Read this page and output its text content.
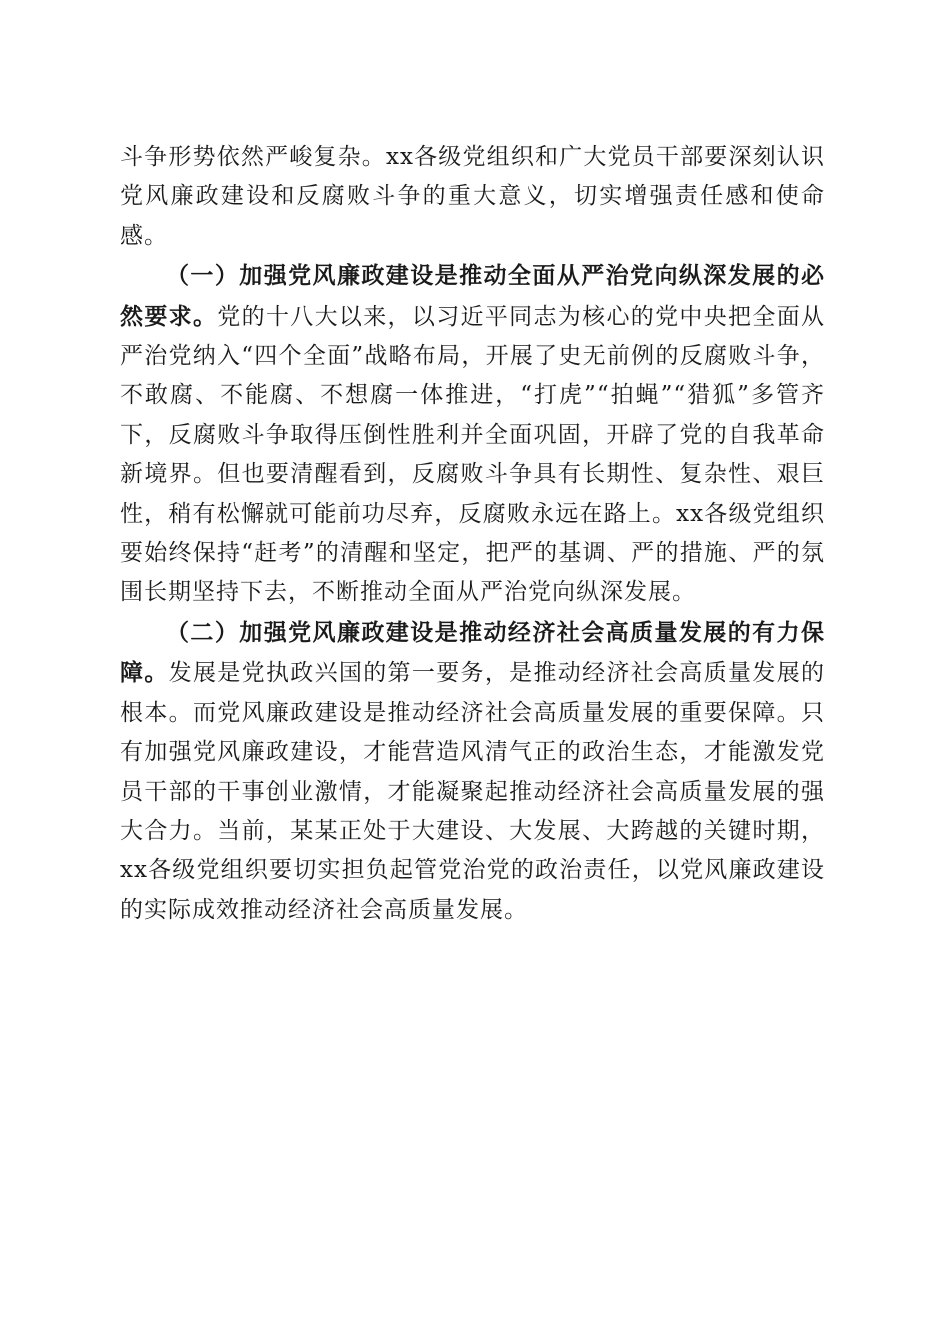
斗争形势依然严峻复杂。xx各级党组织和广大党员干部要深刻认识党风廉政建设和反腐败斗争的重大意义，切实增强责任感和使命感。

（一）加强党风廉政建设是推动全面从严治党向纵深发展的必然要求。党的十八大以来，以习近平同志为核心的党中央把全面从严治党纳入“四个全面”战略布局，开展了史无前例的反腐败斗争，不敢腐、不能腐、不想腐一体推进，“打虎”“拍蝇”“猎狐”多管齐下，反腐败斗争取得压倒性胜利并全面巩固，开辟了党的自我革命新境界。但也要清醒看到，反腐败斗争具有长期性、复杂性、艰巨性，稍有松懈就可能前功尽弃，反腐败永远在路上。xx各级党组织要始终保持“赶考”的清醒和坚定，把严的基调、严的措施、严的氛围长期坚持下去，不断推动全面从严治党向纵深发展。

（二）加强党风廉政建设是推动经济社会高质量发展的有力保障。发展是党执政兴国的第一要务，是推动经济社会高质量发展的根本。而党风廉政建设是推动经济社会高质量发展的重要保障。只有加强党风廉政建设，才能营造风清气正的政治生态，才能激发党员干部的干事创业激情，才能凝聚起推动经济社会高质量发展的强大合力。当前，某某正处于大建设、大发展、大跨越的关键时期，xx各级党组织要切实担负起管党治党的政治责任，以党风廉政建设的实际成效推动经济社会高质量发展。
